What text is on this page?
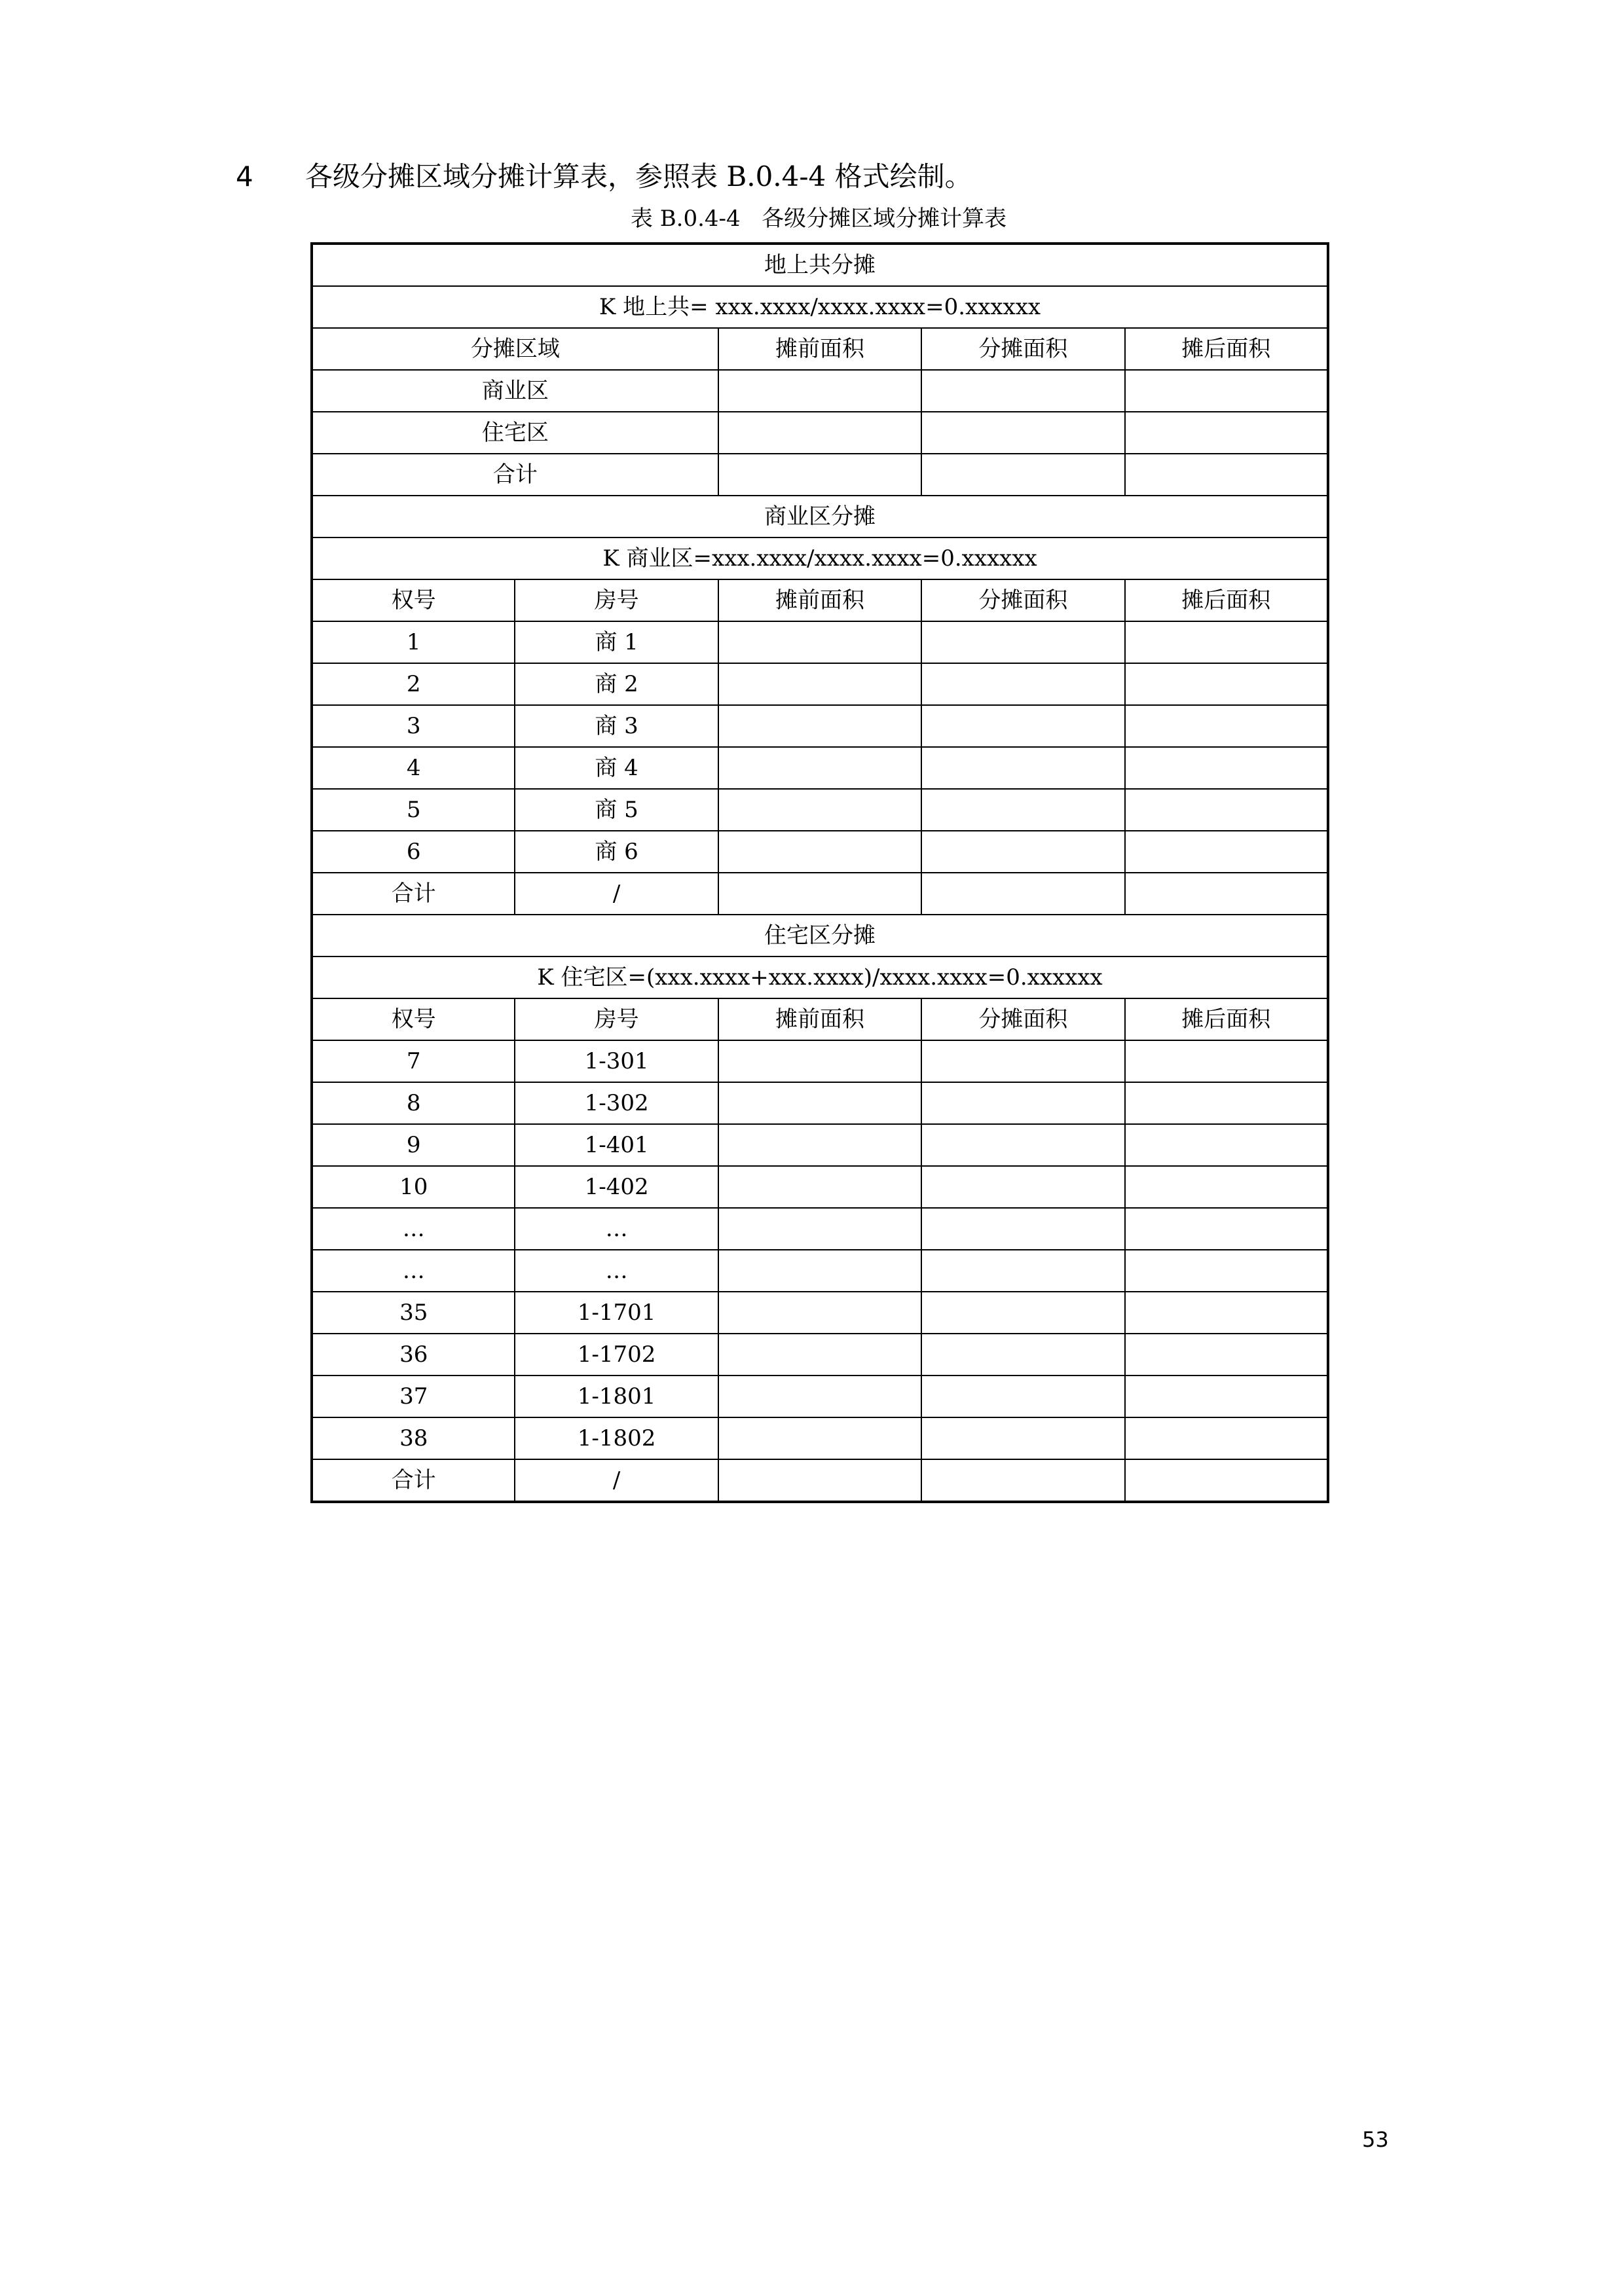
4 各级分摊区域分摊计算表，参照表 B.0.4-4 格式绘制。
表 B.0.4-4   各级分摊区域分摊计算表
地上共分摊				
K 地上共= xxx.xxxx/xxxx.xxxx=0.xxxxxx				
分摊区域		摊前面积	分摊面积	摊后面积
商业区				
住宅区				
合计				
商业区分摊				
K 商业区=xxx.xxxx/xxxx.xxxx=0.xxxxxx				
权号	房号	摊前面积	分摊面积	摊后面积
1	商 1			
2	商 2			
3	商 3			
4	商 4			
5	商 5			
6	商 6			
合计	/			
住宅区分摊				
K 住宅区=(xxx.xxxx+xxx.xxxx)/xxxx.xxxx=0.xxxxxx				
权号	房号	摊前面积	分摊面积	摊后面积
7	1-301			
8	1-302			
9	1-401			
10	1-402			
…	…			
…	…			
35	1-1701			
36	1-1702			
37	1-1801			
38	1-1802			
合计	/			
53
